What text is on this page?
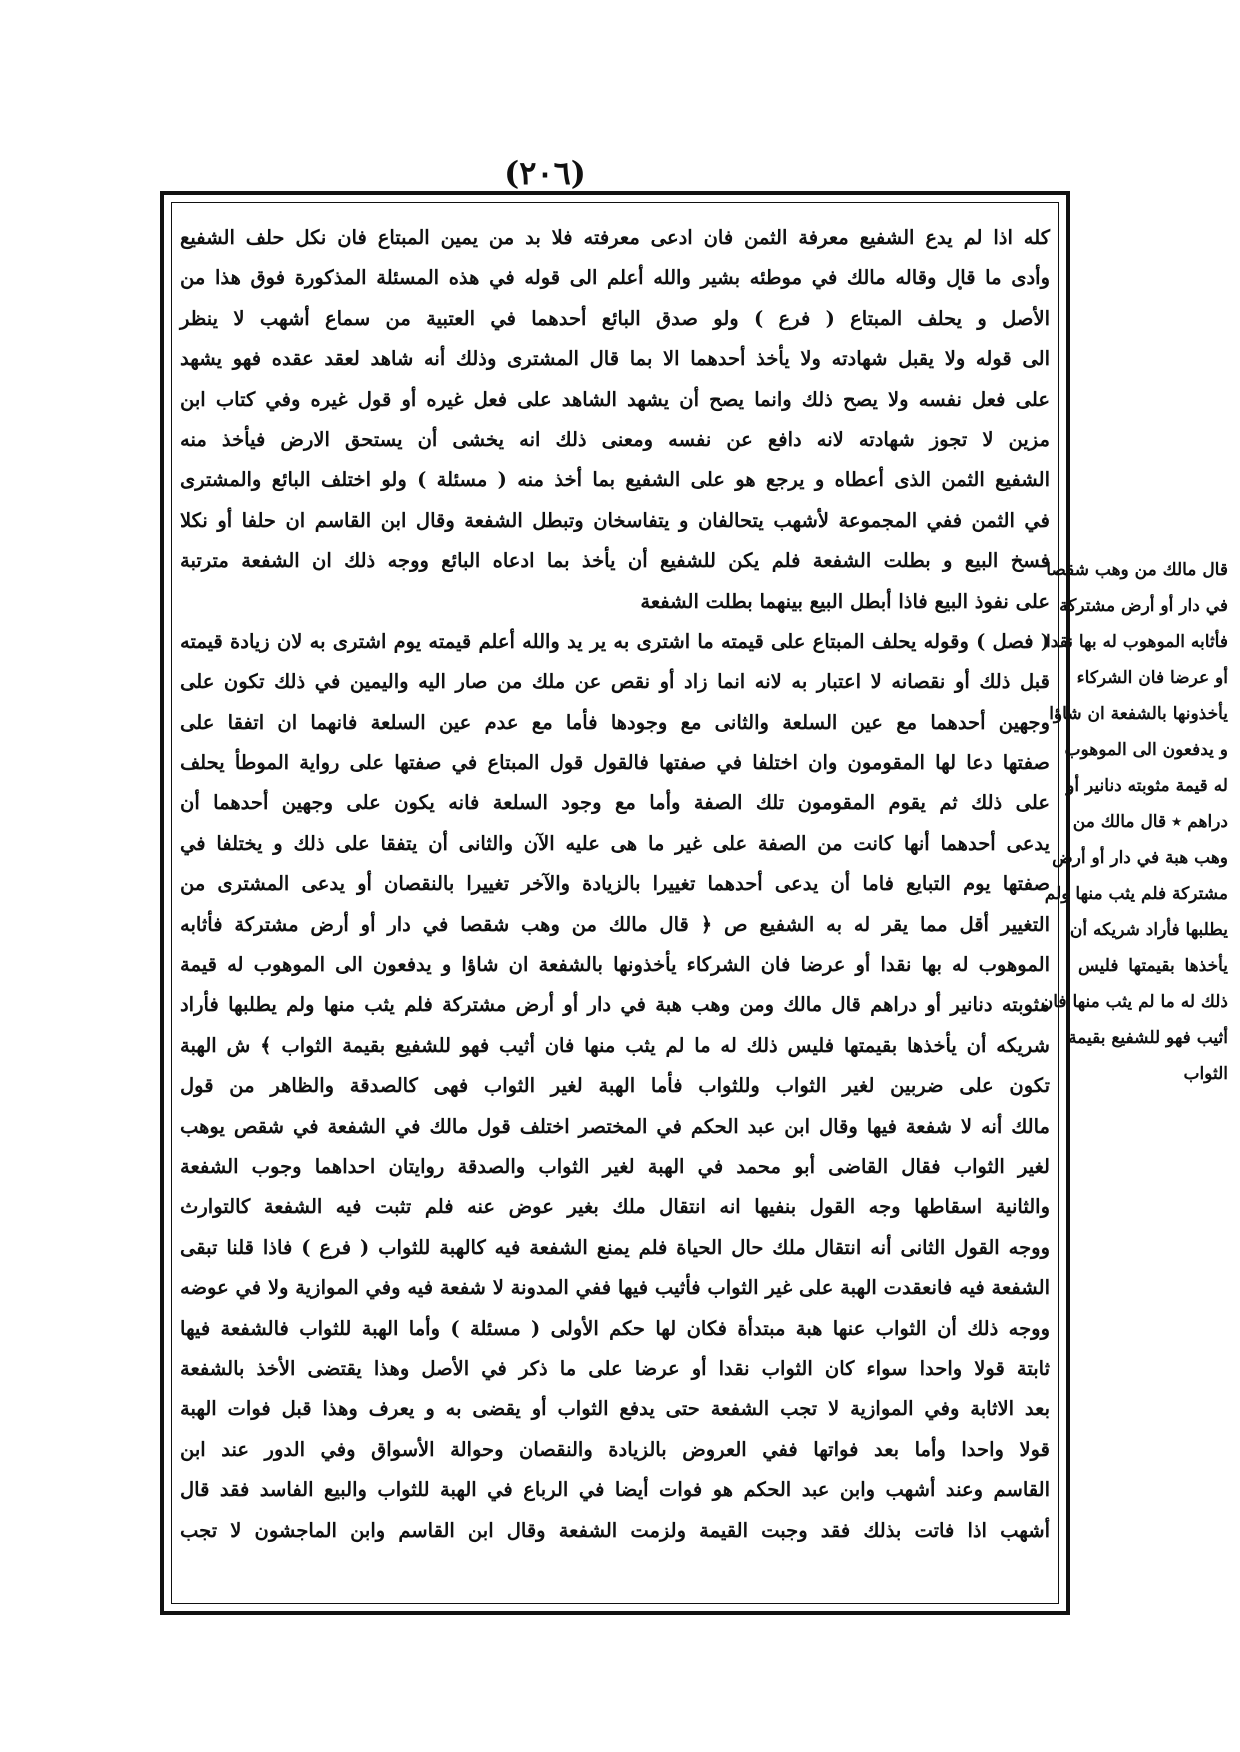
(٢٠٦)
كله اذا لم يدع الشفيع معرفة الثمن فان ادعى معرفته فلا بد من يمين المبتاع فان نكل حلف الشفيع
وأدى ما قال وقاله مالك في موطئه بشير والله أعلم الى قوله في هذه المسئلة المذكورة فوق هذا من
الأصل و يحلف المبتاع ( فرع ) ولو صدق البائع أحدهما في العتبية من سماع أشهب لا ينظر
الى قوله ولا يقبل شهادته ولا يأخذ أحدهما الا بما قال المشترى وذلك أنه شاهد لعقد عقده فهو يشهد
على فعل نفسه ولا يصح ذلك وانما يصح أن يشهد الشاهد على فعل غيره أو قول غيره وفي كتاب ابن
مزين لا تجوز شهادته لانه دافع عن نفسه ومعنى ذلك انه يخشى أن يستحق الارض فيأخذ منه
الشفيع الثمن الذى أعطاه و يرجع هو على الشفيع بما أخذ منه ( مسئلة ) ولو اختلف البائع والمشترى
في الثمن ففي المجموعة لأشهب يتحالفان و يتفاسخان وتبطل الشفعة وقال ابن القاسم ان حلفا أو نكلا
فسخ البيع و بطلت الشفعة فلم يكن للشفيع أن يأخذ بما ادعاه البائع ووجه ذلك ان الشفعة مترتبة
على نفوذ البيع فاذا أبطل البيع بينهما بطلت الشفعة
( فصل ) وقوله يحلف المبتاع على قيمته ما اشترى به ير يد والله أعلم قيمته يوم اشترى به لان زيادة قيمته
قبل ذلك أو نقصانه لا اعتبار به لانه انما زاد أو نقص عن ملك من صار اليه واليمين في ذلك تكون على
وجهين أحدهما مع عين السلعة والثانى مع وجودها فأما مع عدم عين السلعة فانهما ان اتفقا على
صفتها دعا لها المقومون وان اختلفا في صفتها فالقول قول المبتاع في صفتها على رواية الموطأ يحلف
على ذلك ثم يقوم المقومون تلك الصفة وأما مع وجود السلعة فانه يكون على وجهين أحدهما أن
يدعى أحدهما أنها كانت من الصفة على غير ما هى عليه الآن والثانى أن يتفقا على ذلك و يختلفا في
صفتها يوم التبايع فاما أن يدعى أحدهما تغييرا بالزيادة والآخر تغييرا بالنقصان أو يدعى المشترى من
التغيير أقل مما يقر له به الشفيع ص ﴿ قال مالك من وهب شقصا في دار أو أرض مشتركة فأثابه
الموهوب له بها نقدا أو عرضا فان الشركاء يأخذونها بالشفعة ان شاؤا و يدفعون الى الموهوب له قيمة
مثوبته دنانير أو دراهم قال مالك ومن وهب هبة في دار أو أرض مشتركة فلم يثب منها ولم يطلبها فأراد
شريكه أن يأخذها بقيمتها فليس ذلك له ما لم يثب منها فان أثيب فهو للشفيع بقيمة الثواب ﴾ ش الهبة
تكون على ضربين لغير الثواب وللثواب فأما الهبة لغير الثواب فهى كالصدقة والظاهر من قول
مالك أنه لا شفعة فيها وقال ابن عبد الحكم في المختصر اختلف قول مالك في الشفعة في شقص يوهب
لغير الثواب فقال القاضى أبو محمد في الهبة لغير الثواب والصدقة روايتان احداهما وجوب الشفعة
والثانية اسقاطها وجه القول بنفيها انه انتقال ملك بغير عوض عنه فلم تثبت فيه الشفعة كالتوارث
ووجه القول الثانى أنه انتقال ملك حال الحياة فلم يمنع الشفعة فيه كالهبة للثواب ( فرع ) فاذا قلنا تبقى
الشفعة فيه فانعقدت الهبة على غير الثواب فأثيب فيها ففي المدونة لا شفعة فيه وفي الموازية ولا في عوضه
ووجه ذلك أن الثواب عنها هبة مبتدأة فكان لها حكم الأولى ( مسئلة ) وأما الهبة للثواب فالشفعة فيها
ثابتة قولا واحدا سواء كان الثواب نقدا أو عرضا على ما ذكر في الأصل وهذا يقتضى الأخذ بالشفعة
بعد الاثابة وفي الموازية لا تجب الشفعة حتى يدفع الثواب أو يقضى به و يعرف وهذا قبل فوات الهبة
قولا واحدا وأما بعد فواتها ففي العروض بالزيادة والنقصان وحوالة الأسواق وفي الدور عند ابن
القاسم وعند أشهب وابن عبد الحكم هو فوات أيضا في الرباع في الهبة للثواب والبيع الفاسد فقد قال
أشهب اذا فاتت بذلك فقد وجبت القيمة ولزمت الشفعة وقال ابن القاسم وابن الماجشون لا تجب
قال مالك من وهب شقصا
في دار أو أرض مشتركة
فأثابه الموهوب له بها نقدا
أو عرضا فان الشركاء
يأخذونها بالشفعة ان شاؤا
و يدفعون الى الموهوب
له قيمة مثوبته دنانير أو
دراهم ٭ قال مالك من
وهب هبة في دار أو أرض
مشتركة فلم يثب منها ولم
يطلبها فأراد شريكه أن
يأخذها بقيمتها فليس
ذلك له ما لم يثب منها فان
أثيب فهو للشفيع بقيمة
الثواب
